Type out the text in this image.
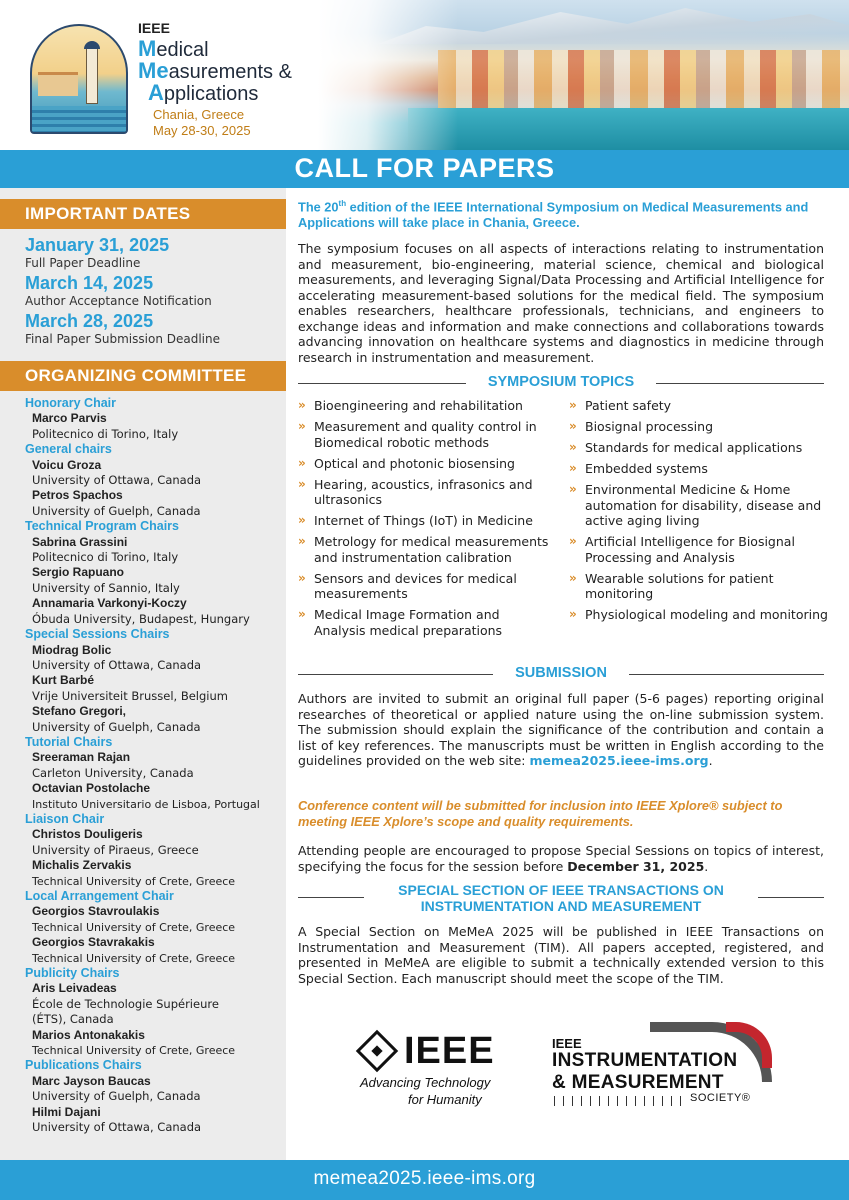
IEEE
Medical
Measurements &
Applications
Chania, Greece
May 28-30, 2025
CALL FOR PAPERS
IMPORTANT DATES
January 31, 2025
Full Paper Deadline
March 14, 2025
Author Acceptance Notification
March 28, 2025
Final Paper Submission Deadline
ORGANIZING COMMITTEE
Honorary Chair
Marco Parvis
Politecnico di Torino, Italy
General chairs
Voicu Groza
University of Ottawa, Canada
Petros Spachos
University of Guelph, Canada
Technical Program Chairs
Sabrina Grassini
Politecnico di Torino, Italy
Sergio Rapuano
University of Sannio, Italy
Annamaria Varkonyi-Koczy
Óbuda University, Budapest, Hungary
Special Sessions Chairs
Miodrag Bolic
University of Ottawa, Canada
Kurt Barbé
Vrije Universiteit Brussel, Belgium
Stefano Gregori,
University of Guelph, Canada
Tutorial Chairs
Sreeraman Rajan
Carleton University, Canada
Octavian Postolache
Instituto Universitario de Lisboa, Portugal
Liaison Chair
Christos Douligeris
University of Piraeus, Greece
Michalis Zervakis
Technical University of Crete, Greece
Local Arrangement Chair
Georgios Stavroulakis
Technical University of Crete, Greece
Georgios Stavrakakis
Technical University of Crete, Greece
Publicity Chairs
Aris Leivadeas
École de Technologie Supérieure
(ÉTS), Canada
Marios Antonakakis
Technical University of Crete, Greece
Publications Chairs
Marc Jayson Baucas
University of Guelph, Canada
Hilmi Dajani
University of Ottawa, Canada
The 20th edition of the IEEE International Symposium on Medical Measurements and Applications will take place in Chania, Greece.
The symposium focuses on all aspects of interactions relating to instrumentation and measurement, bio-engineering, material science, chemical and biological measurements, and leveraging Signal/Data Processing and Artificial Intelligence for accelerating measurement-based solutions for the medical field. The symposium enables researchers, healthcare professionals, technicians, and engineers to exchange ideas and information and make connections and collaborations towards advancing innovation on healthcare systems and diagnostics in medicine through research in instrumentation and measurement.
SYMPOSIUM TOPICS
» Bioengineering and rehabilitation
» Measurement and quality control in Biomedical robotic methods
» Optical and photonic biosensing
» Hearing, acoustics, infrasonics and ultrasonics
» Internet of Things (IoT) in Medicine
» Metrology for medical measurements and instrumentation calibration
» Sensors and devices for medical measurements
» Medical Image Formation and Analysis medical preparations
» Patient safety
» Biosignal processing
» Standards for medical applications
» Embedded systems
» Environmental Medicine & Home automation for disability, disease and active aging living
» Artificial Intelligence for Biosignal Processing and Analysis
» Wearable solutions for patient monitoring
» Physiological modeling and monitoring
SUBMISSION
Authors are invited to submit an original full paper (5-6 pages) reporting original researches of theoretical or applied nature using the on-line submission system. The submission should explain the significance of the contribution and contain a list of key references. The manuscripts must be written in English according to the guidelines provided on the web site: memea2025.ieee-ims.org.
Conference content will be submitted for inclusion into IEEE Xplore® subject to meeting IEEE Xplore’s scope and quality requirements.
Attending people are encouraged to propose Special Sessions on topics of interest, specifying the focus for the session before December 31, 2025.
SPECIAL SECTION OF IEEE TRANSACTIONS ON
INSTRUMENTATION AND MEASUREMENT
A Special Section on MeMeA 2025 will be published in IEEE Transactions on Instrumentation and Measurement (TIM). All papers accepted, registered, and presented in MeMeA are eligible to submit a technically extended version to this Special Section. Each manuscript should meet the scope of the TIM.
IEEE
Advancing Technology
for Humanity
IEEE
INSTRUMENTATION
& MEASUREMENT
SOCIETY®
memea2025.ieee-ims.org
